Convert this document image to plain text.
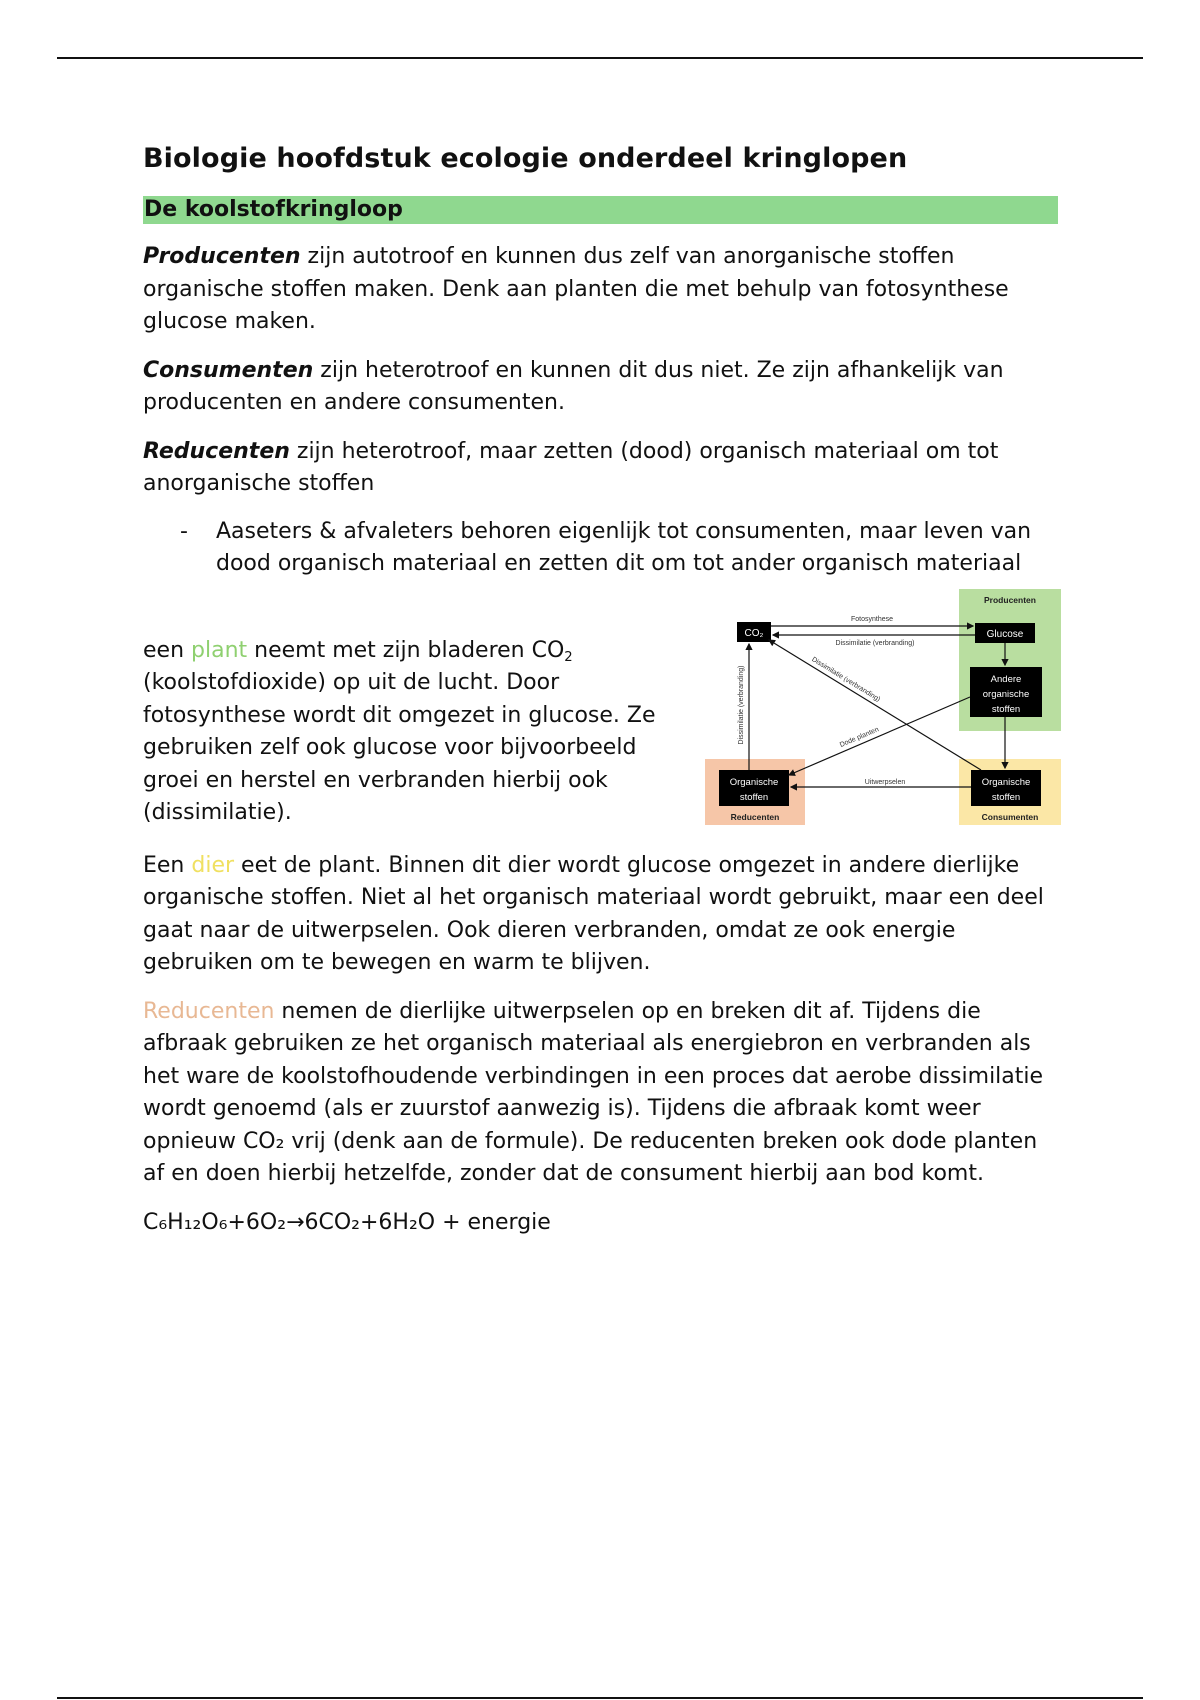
Biologie hoofdstuk ecologie onderdeel kringlopen
De koolstofkringloop

Producenten zijn autotroof en kunnen dus zelf van anorganische stoffen organische stoffen maken. Denk aan planten die met behulp van fotosynthese glucose maken.

Consumenten zijn heterotroof en kunnen dit dus niet. Ze zijn afhankelijk van producenten en andere consumenten.

Reducenten zijn heterotroof, maar zetten (dood) organisch materiaal om tot anorganische stoffen

- Aaseters & afvaleters behoren eigenlijk tot consumenten, maar leven van dood organisch materiaal en zetten dit om tot ander organisch materiaal

een plant neemt met zijn bladeren $CO_2$ (koolstofdioxide) op uit de lucht. Door fotosynthese wordt dit omgezet in glucose. Ze gebruiken zelf ook glucose voor bijvoorbeeld groei en herstel en verbranden hierbij ook (dissimilatie).

Producenten
Consumenten
Reducenten
CO₂	Glucose
Andere
organische
stoffen
Organische
stoffen
Organische
stoffen
Fotosynthese
Dissimilatie (verbranding)
Dissimilatie (verbranding)
Dode planten
Dissimilatie (verbranding)
Uitwerpselen

Een dier eet de plant. Binnen dit dier wordt glucose omgezet in andere dierlijke organische stoffen. Niet al het organisch materiaal wordt gebruikt, maar een deel gaat naar de uitwerpselen. Ook dieren verbranden, omdat ze ook energie gebruiken om te bewegen en warm te blijven.

Reducenten nemen de dierlijke uitwerpselen op en breken dit af. Tijdens die afbraak gebruiken ze het organisch materiaal als energiebron en verbranden als het ware de koolstofhoudende verbindingen in een proces dat aerobe dissimilatie wordt genoemd (als er zuurstof aanwezig is). Tijdens die afbraak komt weer opnieuw CO₂ vrij (denk aan de formule). De reducenten breken ook dode planten af en doen hierbij hetzelfde, zonder dat de consument hierbij aan bod komt.

C₆H₁₂O₆+6O₂→6CO₂+6H₂O + energie
